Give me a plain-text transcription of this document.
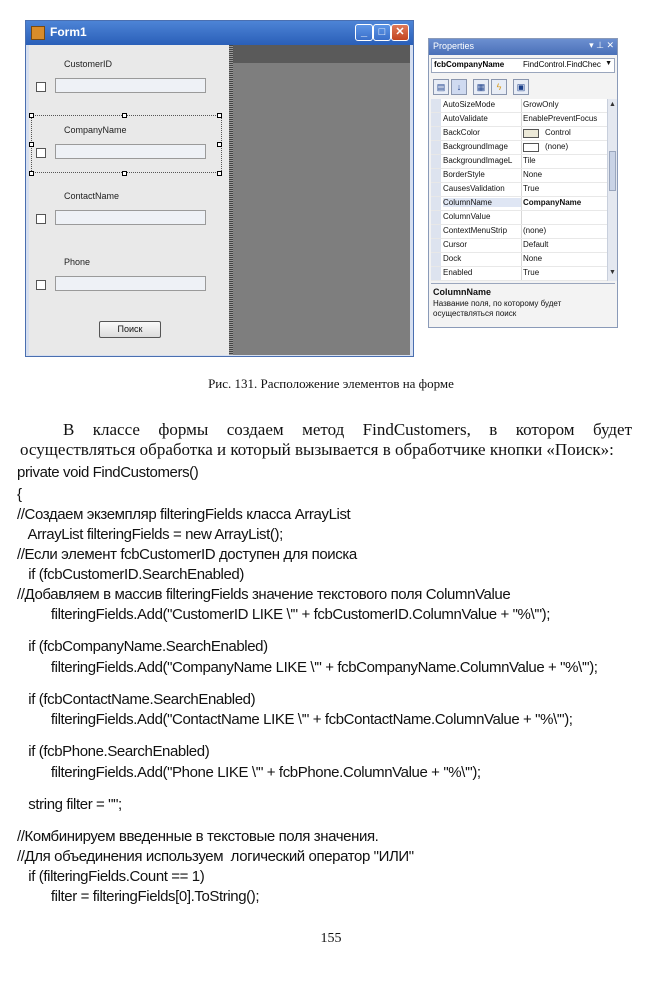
Form1	_	□ ✕
CustomerID
CompanyName
ContactName
Phone
Поиск
Properties	▾ ⊥ ✕
fcbCompanyName FindControl.FindChec ▼
▤	↓	▦	ϟ	▣
AutoSizeMode	GrowOnly
AutoValidate	EnablePreventFocus
BackColor	Control
BackgroundImage	(none)
BackgroundImageL	Tile
BorderStyle	None
CausesValidation	True
ColumnName	CompanyName
ColumnValue
ContextMenuStrip	(none)
Cursor	Default
Dock	None
Enabled	True
▲
▼
ColumnName
Название поля, по которому будет осуществляться поиск
Рис. 131. Расположение элементов на форме
В классе формы создаем метод FindCustomers, в котором будет осуществляться обработка и который вызывается в обработчике кнопки «Поиск»:
private void FindCustomers()
{
//Создаем экземпляр filteringFields класса ArrayList
ArrayList filteringFields = new ArrayList();
//Если элемент fcbCustomerID доступен для поиска
if (fcbCustomerID.SearchEnabled)
//Добавляем в массив filteringFields значение текстового поля ColumnValue
filteringFields.Add("CustomerID LIKE \'" + fcbCustomerID.ColumnValue + "%\'");
if (fcbCompanyName.SearchEnabled)
filteringFields.Add("CompanyName LIKE \'" + fcbCompanyName.ColumnValue + "%\'");
if (fcbContactName.SearchEnabled)
filteringFields.Add("ContactName LIKE \'" + fcbContactName.ColumnValue + "%\'");
if (fcbPhone.SearchEnabled)
filteringFields.Add("Phone LIKE \'" + fcbPhone.ColumnValue + "%\'");
string filter = "";
//Комбинируем введенные в текстовые поля значения.
//Для объединения используем  логический оператор "ИЛИ"
if (filteringFields.Count == 1)
filter = filteringFields[0].ToString();
155
